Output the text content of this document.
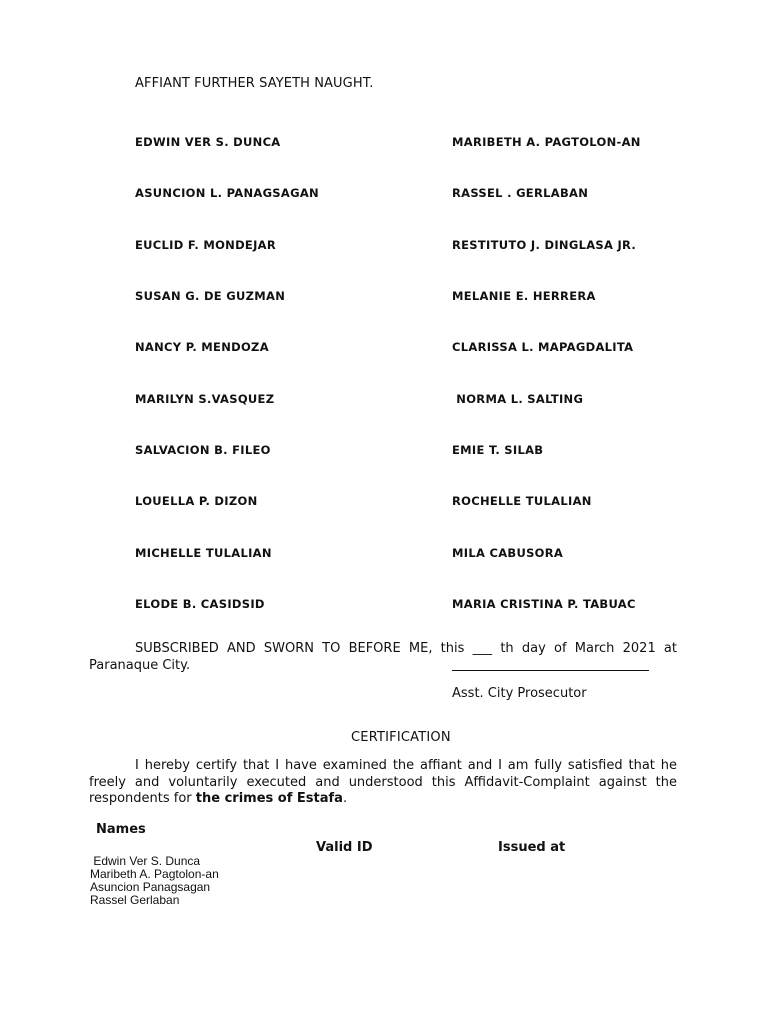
AFFIANT FURTHER SAYETH NAUGHT.
EDWIN VER S. DUNCA
ASUNCION L. PANAGSAGAN
EUCLID F. MONDEJAR
SUSAN G. DE GUZMAN
NANCY P. MENDOZA
MARILYN S.VASQUEZ
SALVACION B. FILEO
LOUELLA P. DIZON
MICHELLE TULALIAN
ELODE B. CASIDSID
MARIBETH A. PAGTOLON-AN
RASSEL . GERLABAN
RESTITUTO J. DINGLASA JR.
MELANIE E. HERRERA
CLARISSA L. MAPAGDALITA
NORMA L. SALTING
EMIE T. SILAB
ROCHELLE TULALIAN
MILA CABUSORA
MARIA CRISTINA P. TABUAC
SUBSCRIBED AND SWORN TO BEFORE ME, this ___ th day of March 2021 at Paranaque City.
Asst. City Prosecutor
CERTIFICATION
I hereby certify that I have examined the affiant and I am fully satisfied that he freely and voluntarily executed and understood this Affidavit-Complaint against the respondents for the crimes of Estafa.
Names
Valid ID	Issued at
Edwin Ver S. Dunca
Maribeth A. Pagtolon-an
Asuncion Panagsagan
Rassel Gerlaban
